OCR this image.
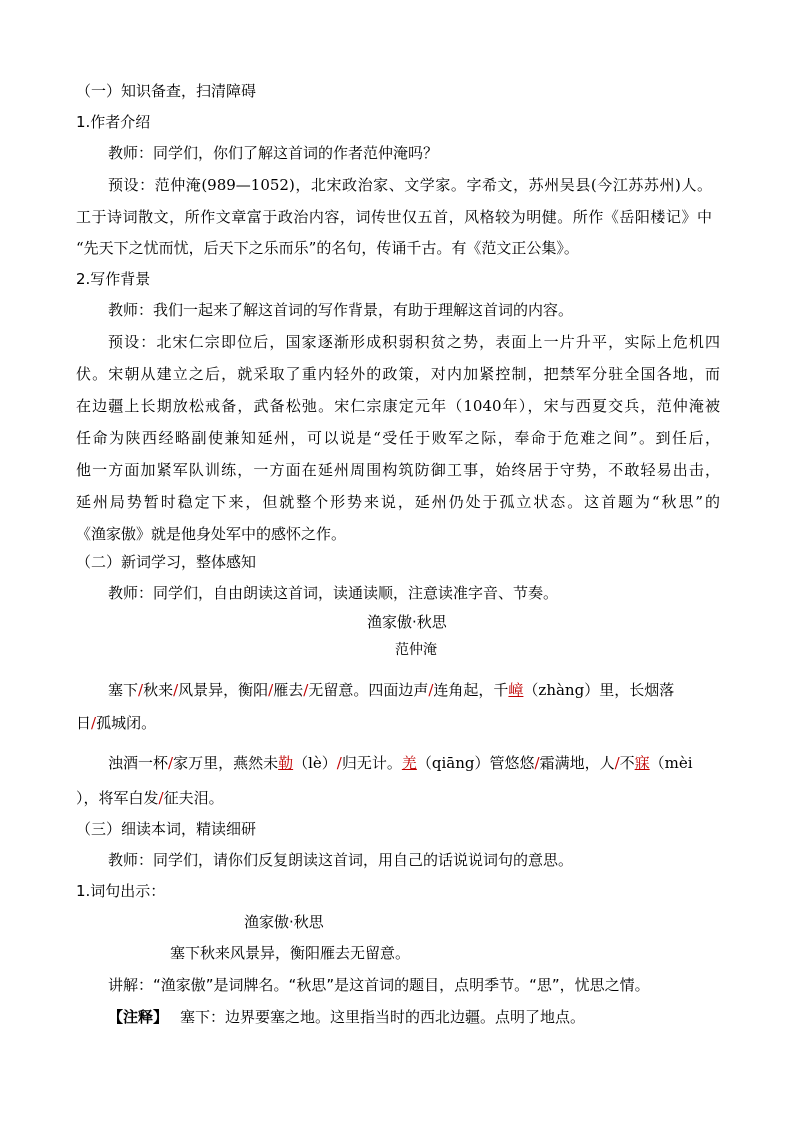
（一）知识备查，扫清障碍
1.作者介绍
教师：同学们，你们了解这首词的作者范仲淹吗？
预设：范仲淹(989—1052)，北宋政治家、文学家。字希文，苏州吴县(今江苏苏州)人。
工于诗词散文，所作文章富于政治内容，词传世仅五首，风格较为明健。所作《岳阳楼记》中
“先天下之忧而忧，后天下之乐而乐”的名句，传诵千古。有《范文正公集》。
2.写作背景
教师：我们一起来了解这首词的写作背景，有助于理解这首词的内容。
预设：北宋仁宗即位后，国家逐渐形成积弱积贫之势，表面上一片升平，实际上危机四
伏。宋朝从建立之后，就采取了重内轻外的政策，对内加紧控制，把禁军分驻全国各地，而
在边疆上长期放松戒备，武备松弛。宋仁宗康定元年（1040年），宋与西夏交兵，范仲淹被
任命为陕西经略副使兼知延州，可以说是“受任于败军之际，奉命于危难之间”。到任后，
他一方面加紧军队训练，一方面在延州周围构筑防御工事，始终居于守势，不敢轻易出击，
延州局势暂时稳定下来，但就整个形势来说，延州仍处于孤立状态。这首题为“秋思”的
《渔家傲》就是他身处军中的感怀之作。
（二）新词学习，整体感知
教师：同学们，自由朗读这首词，读通读顺，注意读准字音、节奏。
渔家傲·秋思
范仲淹
塞下/秋来/风景异，衡阳/雁去/无留意。四面边声/连角起，千嶂（zhàng）里，长烟落
日/孤城闭。
浊酒一杯/家万里，燕然未勒（lè）/归无计。羌（qiāng）管悠悠/霜满地，人/不寐（mèi
），将军白发/征夫泪。
（三）细读本词，精读细研
教师：同学们，请你们反复朗读这首词，用自己的话说说词句的意思。
1.词句出示：
渔家傲·秋思
塞下秋来风景异，衡阳雁去无留意。
讲解：“渔家傲”是词牌名。“秋思”是这首词的题目，点明季节。“思”，忧思之情。
【注释】 塞下：边界要塞之地。这里指当时的西北边疆。点明了地点。
